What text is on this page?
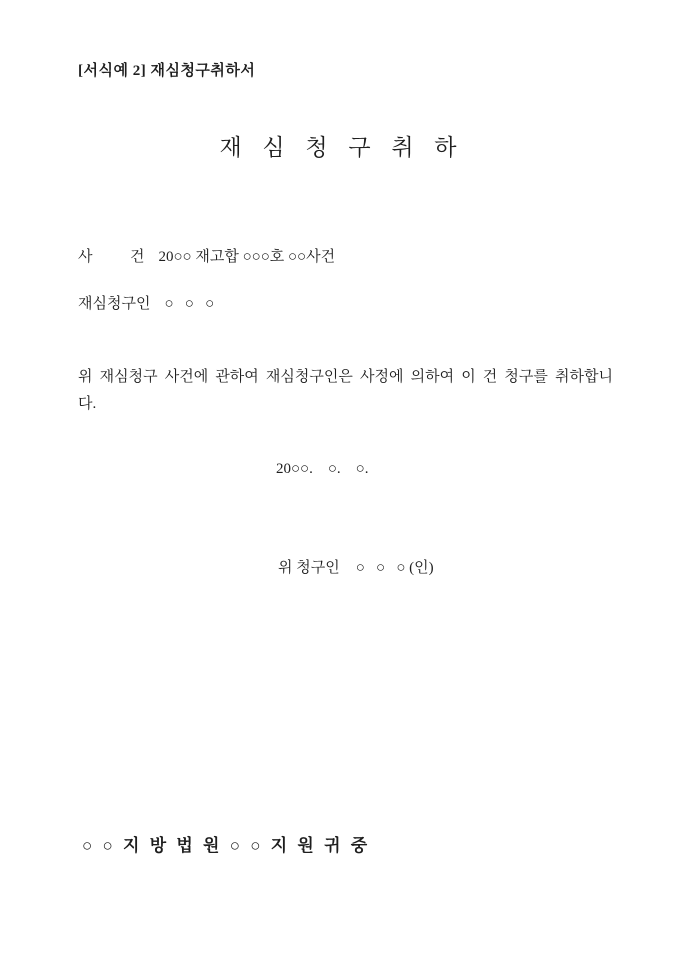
[서식예 2] 재심청구취하서
재 심 청 구 취 하
사          건 20○○ 재고합 ○○○호 ○○사건
재심청구인 ○   ○   ○
위 재심청구 사건에 관하여 재심청구인은 사정에 의하여 이 건 청구를 취하합니다.
20○○.    ○.    ○.
위 청구인 ○   ○   ○ (인)
○ ○ 지 방 법 원 ○ ○ 지 원 귀 중
